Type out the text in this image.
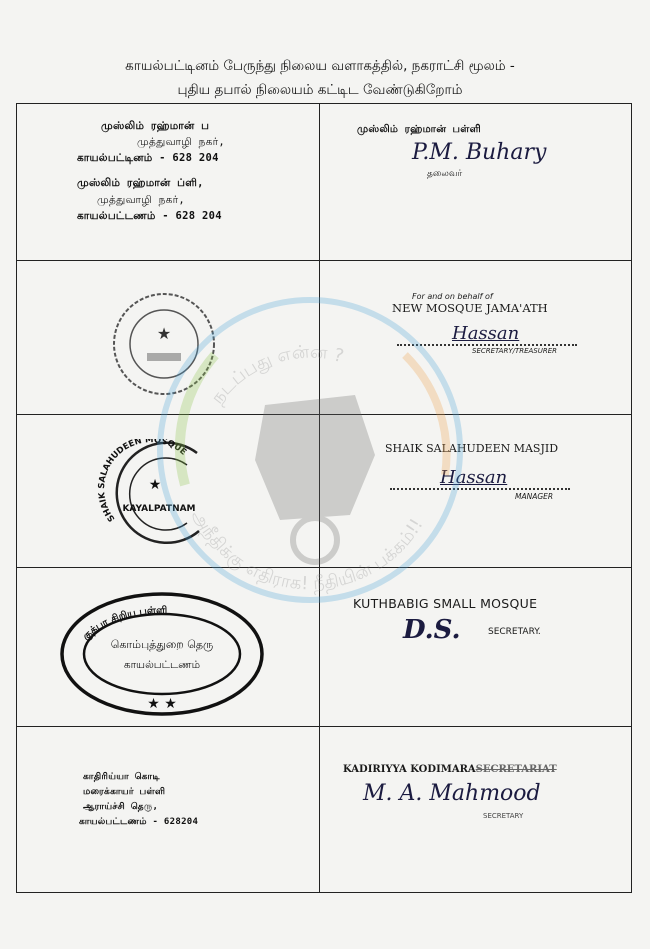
காயல்பட்டினம் பேருந்து நிலைய வளாகத்தில், நகராட்சி மூலம் -
புதிய தபால் நிலையம் கட்டிட வேண்டுகிறோம்
முஸ்லிம் ரஹ்மான் ப
முத்துவாழி நகர்,
காயல்பட்டினம் - 628 204
முஸ்லிம் ரஹ்மான் ப்ளி,
முத்துவாழி நகர்,
காயல்பட்டணம் - 628 204
முஸ்லிம் ரஹ்மான் பள்ளி
P.M. Buhary
தலைவர்
★
For and on behalf of
NEW MOSQUE JAMA'ATH
Hassan
SECRETARY/TREASURER
SHAIK SALAHUDEEN MOSQUE
★
KAYALPATNAM
SHAIK SALAHUDEEN MASJID
Hassan
MANAGER
குத்பா சிறிய பள்ளி
கொம்புத்துறை தெரு
காயல்பட்டணம்
★ ★
KUTHBABIG SMALL MOSQUE
D.S.	SECRETARY.
காதிரிய்யா கொடி
மரைக்காயர் பள்ளி
ஆராய்ச்சி தெரு,
காயல்பட்டணம் - 628204
KADIRIYYA KODIMARASECRETARIAT
M. A. Mahmood
SECRETARY
நடப்பது என்ன ?
அநீதிக்கு எதிராக! நீதியின் பக்கம்!!
